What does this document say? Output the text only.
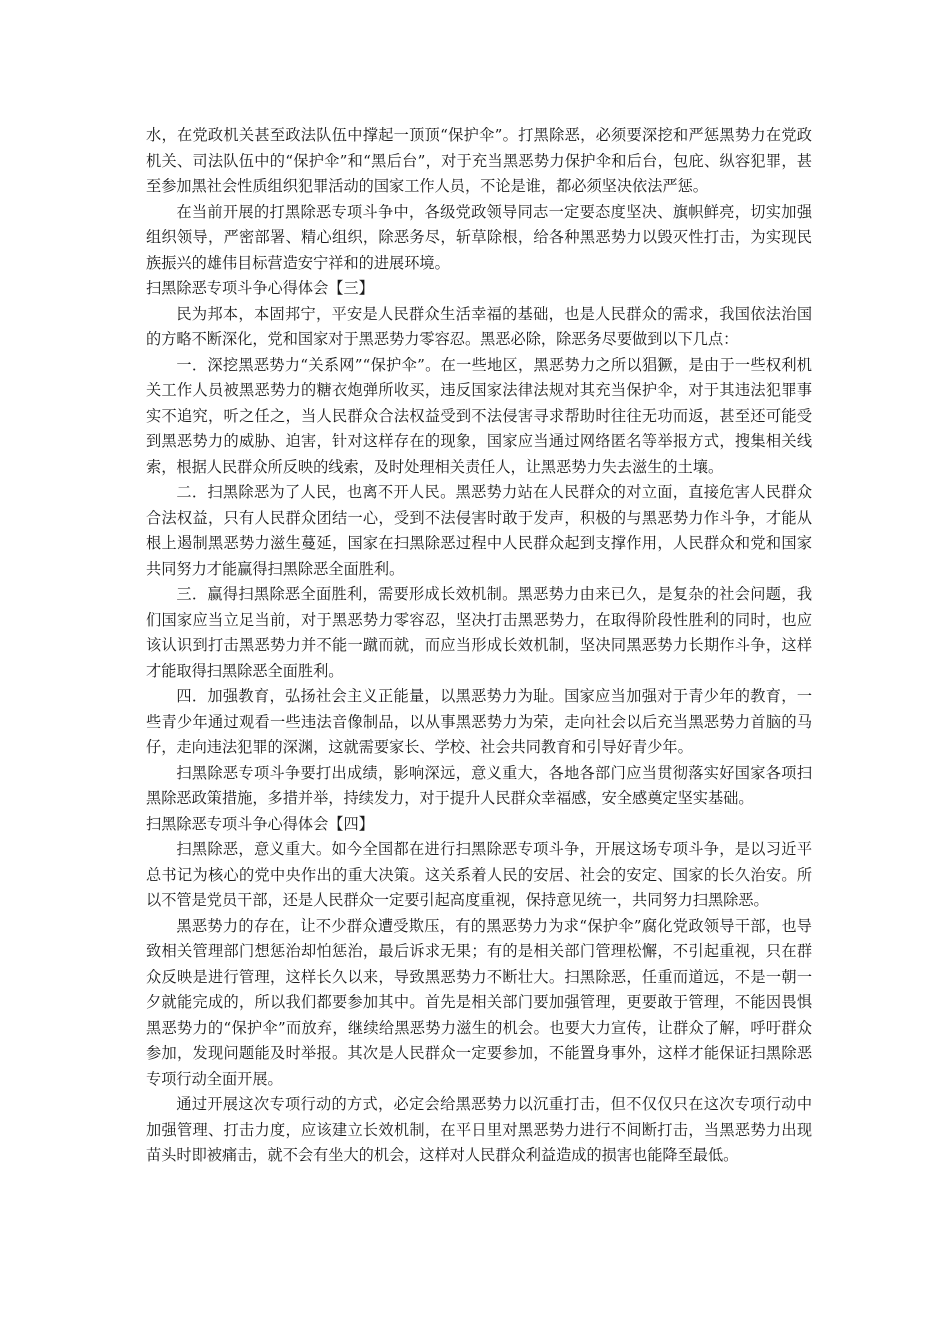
水，在党政机关甚至政法队伍中撑起一顶顶“保护伞”。打黑除恶，必须要深挖和严惩黑势力在党政机关、司法队伍中的“保护伞”和“黑后台”，对于充当黑恶势力保护伞和后台，包庇、纵容犯罪，甚至参加黑社会性质组织犯罪活动的国家工作人员，不论是谁，都必须坚决依法严惩。

在当前开展的打黑除恶专项斗争中，各级党政领导同志一定要态度坚决、旗帜鲜亮，切实加强组织领导，严密部署、精心组织，除恶务尽，斩草除根，给各种黑恶势力以毁灭性打击，为实现民族振兴的雄伟目标营造安宁祥和的进展环境。

扫黑除恶专项斗争心得体会【三】

民为邦本，本固邦宁，平安是人民群众生活幸福的基础，也是人民群众的需求，我国依法治国的方略不断深化，党和国家对于黑恶势力零容忍。黑恶必除，除恶务尽要做到以下几点：

一．深挖黑恶势力“关系网”“保护伞”。在一些地区，黑恶势力之所以猖獗，是由于一些权利机关工作人员被黑恶势力的糖衣炮弹所收买，违反国家法律法规对其充当保护伞，对于其违法犯罪事实不追究，听之任之，当人民群众合法权益受到不法侵害寻求帮助时往往无功而返，甚至还可能受到黑恶势力的威胁、迫害，针对这样存在的现象，国家应当通过网络匿名等举报方式，搜集相关线索，根据人民群众所反映的线索，及时处理相关责任人，让黑恶势力失去滋生的土壤。

二．扫黑除恶为了人民，也离不开人民。黑恶势力站在人民群众的对立面，直接危害人民群众合法权益，只有人民群众团结一心，受到不法侵害时敢于发声，积极的与黑恶势力作斗争，才能从根上遏制黑恶势力滋生蔓延，国家在扫黑除恶过程中人民群众起到支撑作用，人民群众和党和国家共同努力才能赢得扫黑除恶全面胜利。

三．赢得扫黑除恶全面胜利，需要形成长效机制。黑恶势力由来已久，是复杂的社会问题，我们国家应当立足当前，对于黑恶势力零容忍，坚决打击黑恶势力，在取得阶段性胜利的同时，也应该认识到打击黑恶势力并不能一蹴而就，而应当形成长效机制，坚决同黑恶势力长期作斗争，这样才能取得扫黑除恶全面胜利。

四．加强教育，弘扬社会主义正能量，以黑恶势力为耻。国家应当加强对于青少年的教育，一些青少年通过观看一些违法音像制品，以从事黑恶势力为荣，走向社会以后充当黑恶势力首脑的马仔，走向违法犯罪的深渊，这就需要家长、学校、社会共同教育和引导好青少年。

扫黑除恶专项斗争要打出成绩，影响深远，意义重大，各地各部门应当贯彻落实好国家各项扫黑除恶政策措施，多措并举，持续发力，对于提升人民群众幸福感，安全感奠定坚实基础。

扫黑除恶专项斗争心得体会【四】

扫黑除恶，意义重大。如今全国都在进行扫黑除恶专项斗争，开展这场专项斗争，是以习近平总书记为核心的党中央作出的重大决策。这关系着人民的安居、社会的安定、国家的长久治安。所以不管是党员干部，还是人民群众一定要引起高度重视，保持意见统一，共同努力扫黑除恶。

黑恶势力的存在，让不少群众遭受欺压，有的黑恶势力为求“保护伞”腐化党政领导干部，也导致相关管理部门想惩治却怕惩治，最后诉求无果；有的是相关部门管理松懈，不引起重视，只在群众反映是进行管理，这样长久以来，导致黑恶势力不断壮大。扫黑除恶，任重而道远，不是一朝一夕就能完成的，所以我们都要参加其中。首先是相关部门要加强管理，更要敢于管理，不能因畏惧黑恶势力的“保护伞”而放弃，继续给黑恶势力滋生的机会。也要大力宣传，让群众了解，呼吁群众参加，发现问题能及时举报。其次是人民群众一定要参加，不能置身事外，这样才能保证扫黑除恶专项行动全面开展。

通过开展这次专项行动的方式，必定会给黑恶势力以沉重打击，但不仅仅只在这次专项行动中加强管理、打击力度，应该建立长效机制，在平日里对黑恶势力进行不间断打击，当黑恶势力出现苗头时即被痛击，就不会有坐大的机会，这样对人民群众利益造成的损害也能降至最低。
